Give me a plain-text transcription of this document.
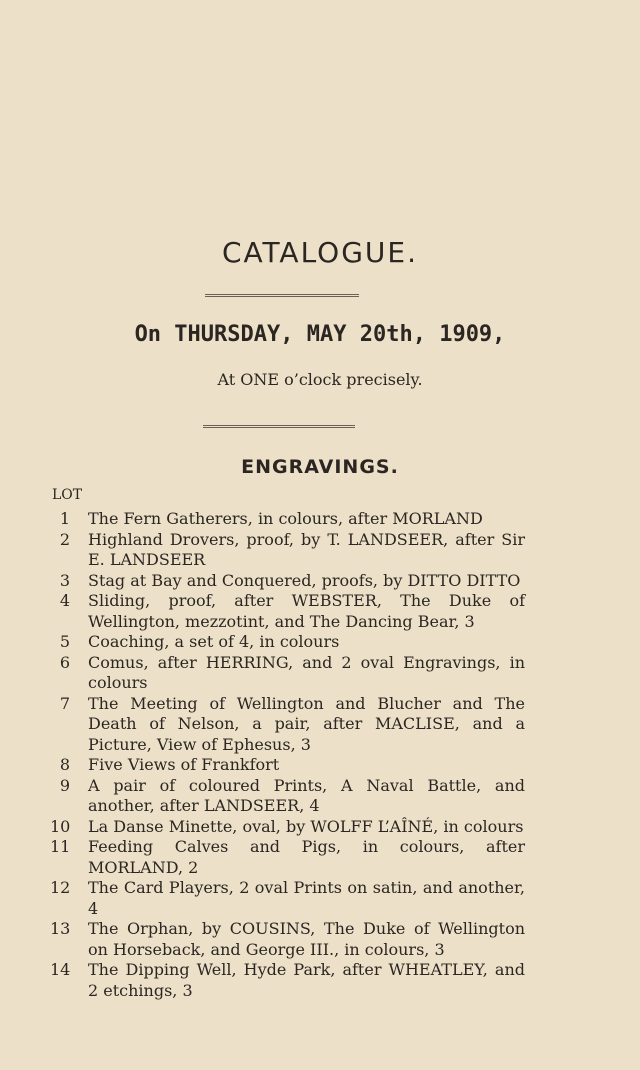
CATALOGUE.
On THURSDAY, MAY 20th, 1909,
At ONE o’clock precisely.
ENGRAVINGS.
LOT
1 The Fern Gatherers, in colours, after MORLAND
2 Highland Drovers, proof, by T. LANDSEER, after Sir E. LANDSEER
3 Stag at Bay and Conquered, proofs, by DITTO DITTO
4 Sliding, proof, after WEBSTER, The Duke of Wellington, mezzotint, and The Dancing Bear, 3
5 Coaching, a set of 4, in colours
6 Comus, after HERRING, and 2 oval Engravings, in colours
7 The Meeting of Wellington and Blucher and The Death of Nelson, a pair, after MACLISE, and a Picture, View of Ephesus, 3
8 Five Views of Frankfort
9 A pair of coloured Prints, A Naval Battle, and another, after LANDSEER, 4
10 La Danse Minette, oval, by WOLFF L’AÎNÉ, in colours
11 Feeding Calves and Pigs, in colours, after MORLAND, 2
12 The Card Players, 2 oval Prints on satin, and another, 4
13 The Orphan, by COUSINS, The Duke of Wellington on Horseback, and George III., in colours, 3
14 The Dipping Well, Hyde Park, after WHEATLEY, and 2 etchings, 3
